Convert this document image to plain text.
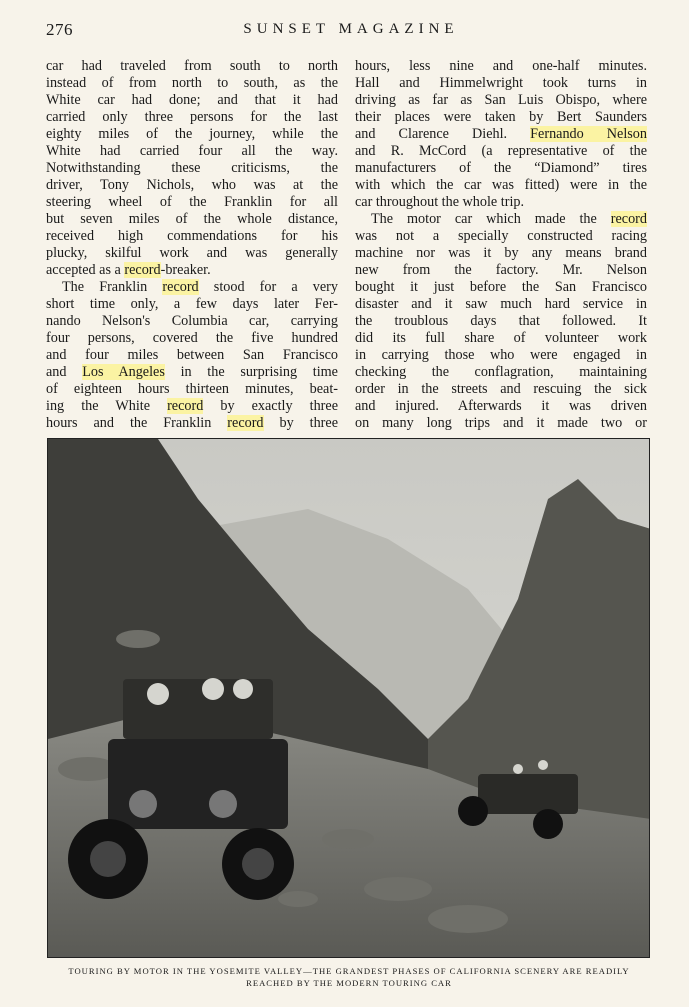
276	SUNSET MAGAZINE
car had traveled from south to north
instead of from north to south, as the
White car had done; and that it had
carried only three persons for the last
eighty miles of the journey, while the
White had carried four all the way.
Notwithstanding these criticisms, the
driver, Tony Nichols, who was at the
steering wheel of the Franklin for all
but seven miles of the whole distance,
received high commendations for his
plucky, skilful work and was generally
accepted as a record-breaker.
The Franklin record stood for a very
short time only, a few days later Fer-
nando Nelson's Columbia car, carrying
four persons, covered the five hundred
and four miles between San Francisco
and Los Angeles in the surprising time
of eighteen hours thirteen minutes, beat-
ing the White record by exactly three
hours and the Franklin record by three
hours, less nine and one-half minutes.
Hall and Himmelwright took turns in
driving as far as San Luis Obispo, where
their places were taken by Bert Saunders
and Clarence Diehl. Fernando Nelson
and R. McCord (a representative of the
manufacturers of the “Diamond” tires
with which the car was fitted) were in the
car throughout the whole trip.
The motor car which made the record
was not a specially constructed racing
machine nor was it by any means brand
new from the factory. Mr. Nelson
bought it just before the San Francisco
disaster and it saw much hard service in
the troublous days that followed. It
did its full share of volunteer work
in carrying those who were engaged in
checking the conflagration, maintaining
order in the streets and rescuing the sick
and injured. Afterwards it was driven
on many long trips and it made two or
TOURING BY MOTOR IN THE YOSEMITE VALLEY—THE GRANDEST PHASES OF CALIFORNIA SCENERY ARE READILY
REACHED BY THE MODERN TOURING CAR
